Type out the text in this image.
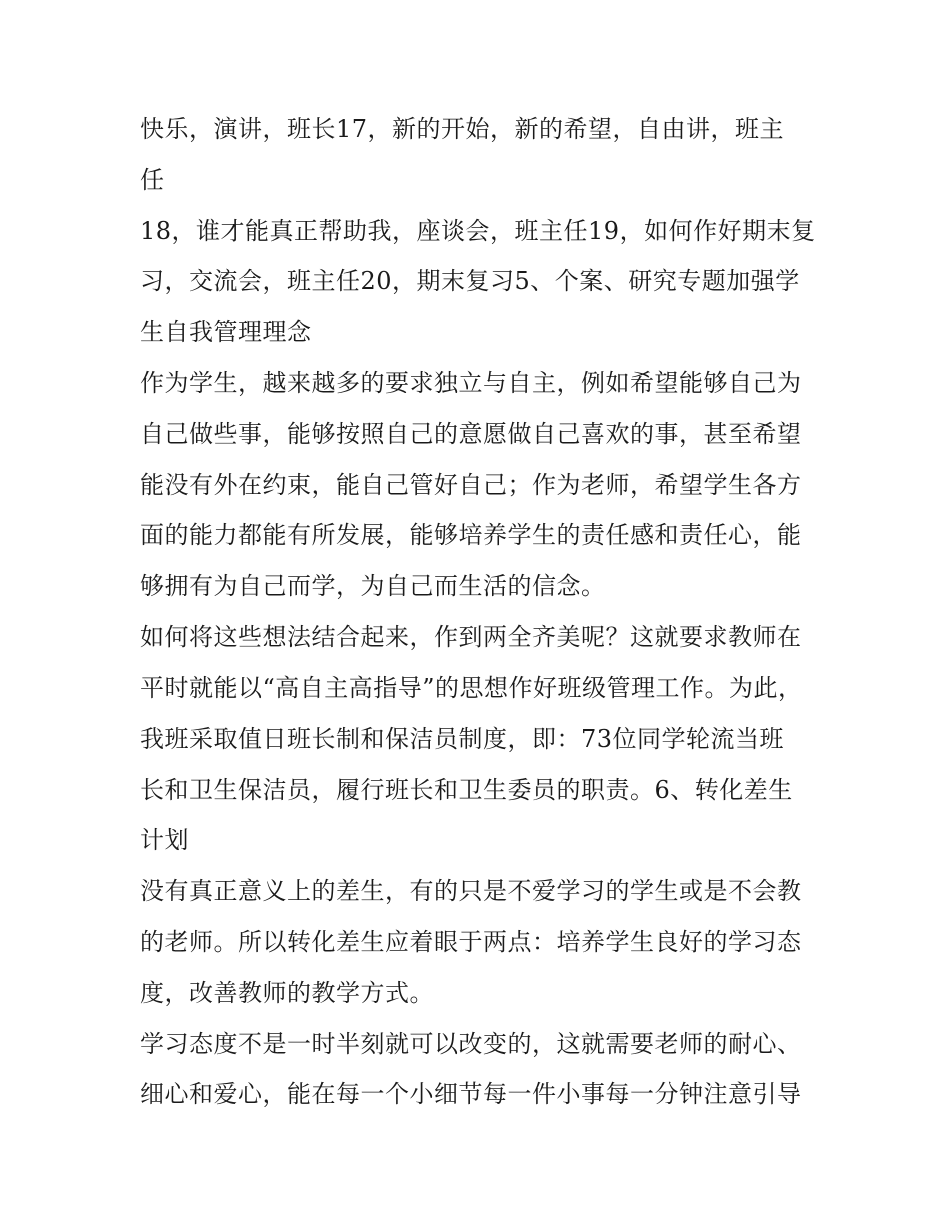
快乐，演讲，班长17，新的开始，新的希望，自由讲，班主
任
18，谁才能真正帮助我，座谈会，班主任19，如何作好期末复
习，交流会，班主任20，期末复习5、个案、研究专题加强学
生自我管理理念
作为学生，越来越多的要求独立与自主，例如希望能够自己为
自己做些事，能够按照自己的意愿做自己喜欢的事，甚至希望
能没有外在约束，能自己管好自己；作为老师，希望学生各方
面的能力都能有所发展，能够培养学生的责任感和责任心，能
够拥有为自己而学，为自己而生活的信念。
如何将这些想法结合起来，作到两全齐美呢？这就要求教师在
平时就能以“高自主高指导”的思想作好班级管理工作。为此，
我班采取值日班长制和保洁员制度，即：73位同学轮流当班
长和卫生保洁员，履行班长和卫生委员的职责。6、转化差生
计划
没有真正意义上的差生，有的只是不爱学习的学生或是不会教
的老师。所以转化差生应着眼于两点：培养学生良好的学习态
度，改善教师的教学方式。
学习态度不是一时半刻就可以改变的，这就需要老师的耐心、
细心和爱心，能在每一个小细节每一件小事每一分钟注意引导
